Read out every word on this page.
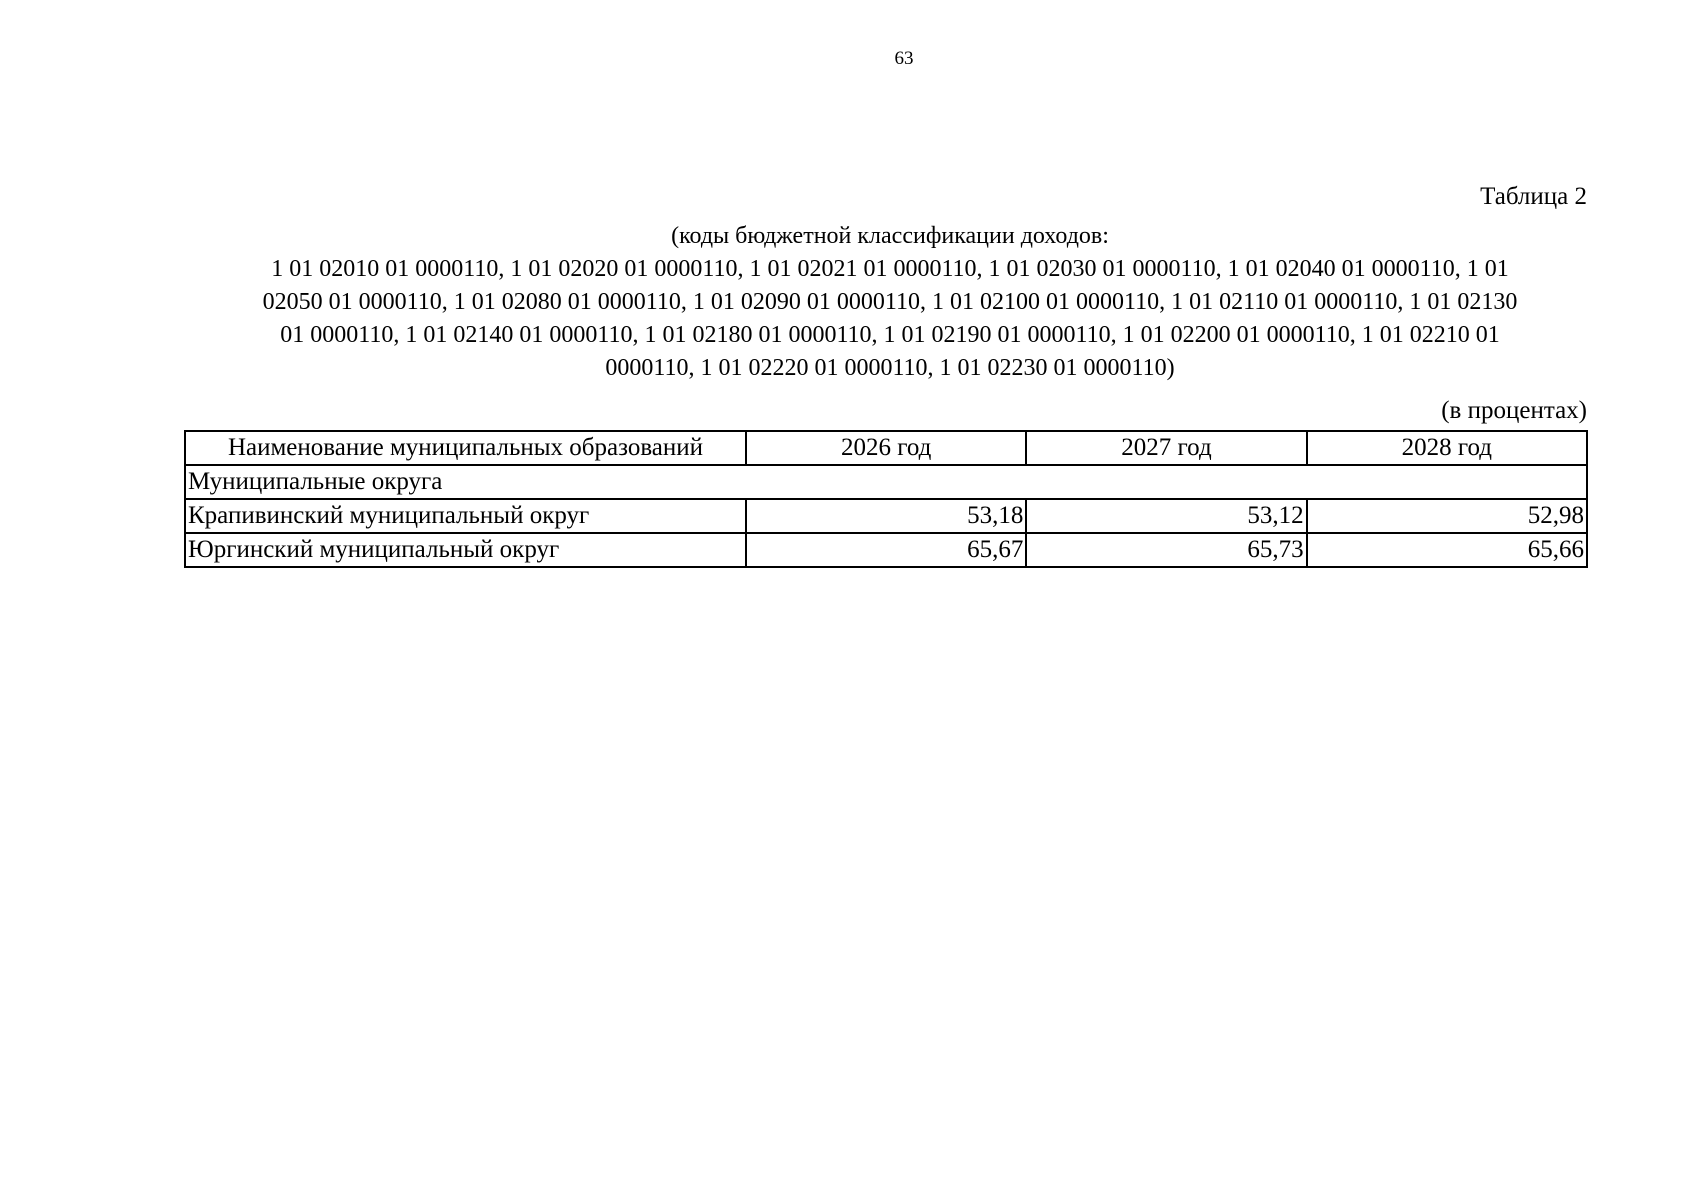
63
Таблица 2
(коды бюджетной классификации доходов:
1 01 02010 01 0000110, 1 01 02020 01 0000110, 1 01 02021 01 0000110, 1 01 02030 01 0000110, 1 01 02040 01 0000110, 1 01
02050 01 0000110, 1 01 02080 01 0000110, 1 01 02090 01 0000110, 1 01 02100 01 0000110, 1 01 02110 01 0000110, 1 01 02130
01 0000110, 1 01 02140 01 0000110, 1 01 02180 01 0000110, 1 01 02190 01 0000110, 1 01 02200 01 0000110, 1 01 02210 01
0000110, 1 01 02220 01 0000110, 1 01 02230 01 0000110)
(в процентах)
Наименование муниципальных образований	2026 год	2027 год	2028 год
Муниципальные округа			
Крапивинский муниципальный округ	53,18	53,12	52,98
Юргинский муниципальный округ	65,67	65,73	65,66
